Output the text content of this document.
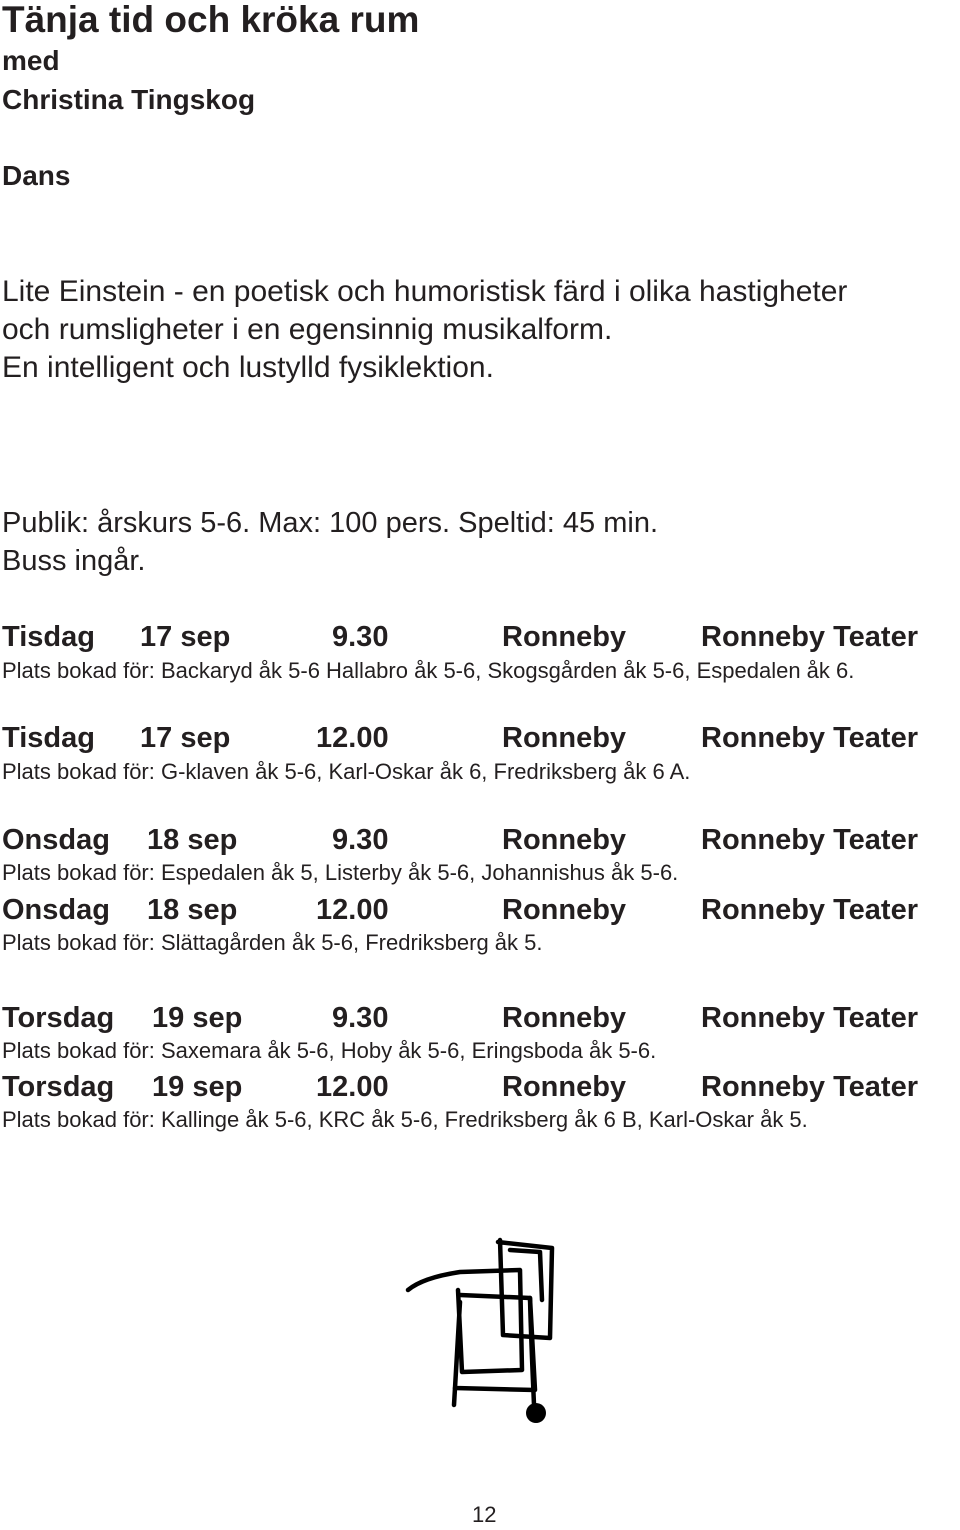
Tänja tid och kröka rum
med
Christina Tingskog
Dans
Lite Einstein - en poetisk och humoristisk färd i olika hastigheter
och rumsligheter i en egensinnig musikalform.
En intelligent och lustylld fysiklektion.
Publik: årskurs 5-6. Max: 100 pers. Speltid: 45 min.
Buss ingår.
Tisdag 17 sep	9.30	Ronneby	Ronneby Teater
Plats bokad för: Backaryd åk 5-6 Hallabro åk 5-6, Skogsgården åk 5-6, Espedalen åk 6.
Tisdag 17 sep	12.00	Ronneby	Ronneby Teater
Plats bokad för: G-klaven åk 5-6, Karl-Oskar åk 6, Fredriksberg åk 6 A.
Onsdag 18 sep	9.30	Ronneby	Ronneby Teater
Plats bokad för: Espedalen åk 5, Listerby åk 5-6, Johannishus åk 5-6.
Onsdag 18 sep	12.00	Ronneby	Ronneby Teater
Plats bokad för: Slättagården åk 5-6, Fredriksberg åk 5.
Torsdag 19 sep	9.30	Ronneby	Ronneby Teater
Plats bokad för: Saxemara åk 5-6, Hoby åk 5-6, Eringsboda åk 5-6.
Torsdag 19 sep	12.00	Ronneby	Ronneby Teater
Plats bokad för: Kallinge åk 5-6, KRC åk 5-6, Fredriksberg åk 6 B, Karl-Oskar åk 5.
12
